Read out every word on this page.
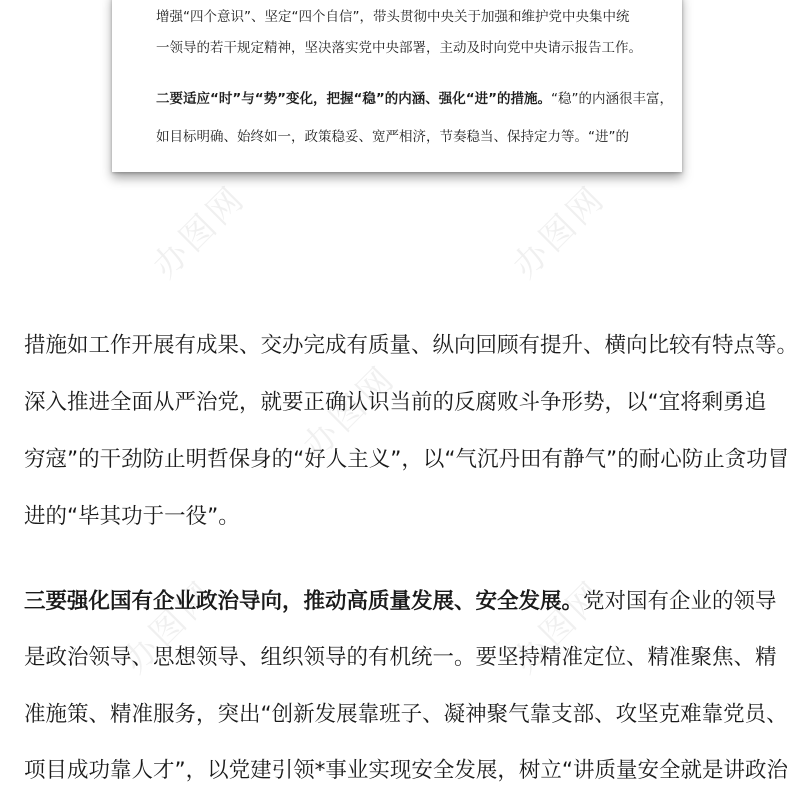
增强“四个意识”、坚定“四个自信”，带头贯彻中央关于加强和维护党中央集中统
一领导的若干规定精神，坚决落实党中央部署，主动及时向党中央请示报告工作。
二要适应“时”与“势”变化，把握“稳”的内涵、强化“进”的措施。“稳”的内涵很丰富，
如目标明确、始终如一，政策稳妥、宽严相济，节奏稳当、保持定力等。“进”的
办图网	办图网
办图网
办图网	办图网
措施如工作开展有成果、交办完成有质量、纵向回顾有提升、横向比较有特点等。
深入推进全面从严治党，就要正确认识当前的反腐败斗争形势，以“宜将剩勇追
穷寇”的干劲防止明哲保身的“好人主义”，以“气沉丹田有静气”的耐心防止贪功冒
进的“毕其功于一役”。
三要强化国有企业政治导向，推动高质量发展、安全发展。党对国有企业的领导
是政治领导、思想领导、组织领导的有机统一。要坚持精准定位、精准聚焦、精
准施策、精准服务，突出“创新发展靠班子、凝神聚气靠支部、攻坚克难靠党员、
项目成功靠人才”，以党建引领*事业实现安全发展，树立“讲质量安全就是讲政治
